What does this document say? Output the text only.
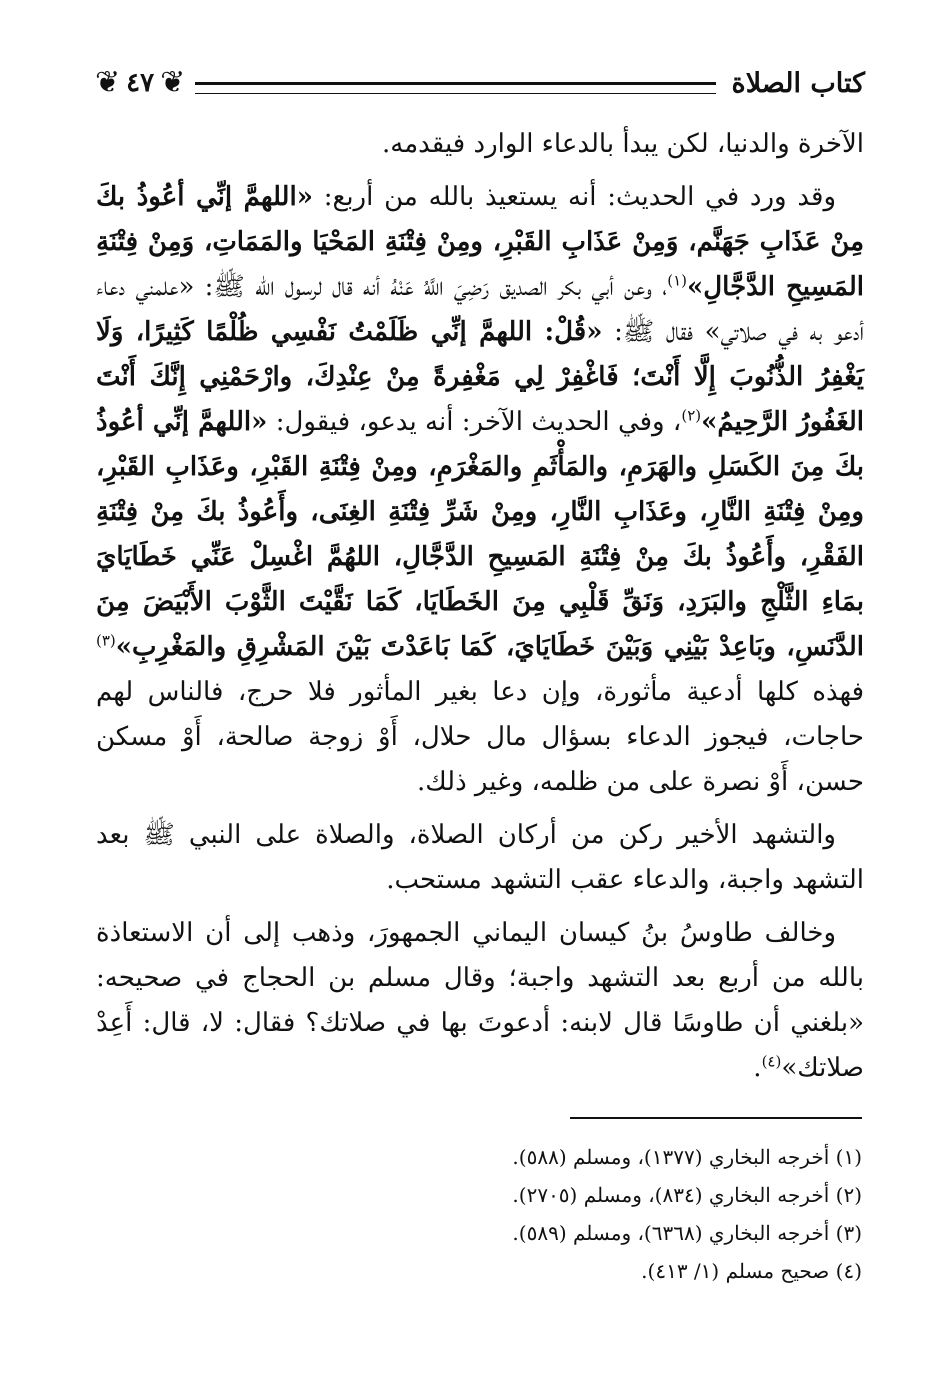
كتاب الصلاة
❦
٤٧
❦

الآخرة والدنيا، لكن يبدأ بالدعاء الوارد فيقدمه.

وقد ورد في الحديث: أنه يستعيذ بالله من أربع: «اللهمَّ إنِّي أعُوذُ بكَ مِنْ عَذَابِ جَهَنَّم، وَمِنْ عَذَابِ القَبْرِ، ومِنْ فِتْنَةِ المَحْيَا والمَمَاتِ، وَمِنْ فِتْنَةِ المَسِيحِ الدَّجَّالِ»$^{(١)}$، وعن أبي بكر الصديق رَضِيَ اللَّهُ عَنْهُ أنه قال لرسول الله ﷺ: «علمني دعاء أدعو به في صلاتي» فقال ﷺ: «قُلْ: اللهمَّ إنِّي ظَلَمْتُ نَفْسِي ظُلْمًا كَثِيرًا، وَلَا يَغْفِرُ الذُّنُوبَ إِلَّا أَنْتَ؛ فَاغْفِرْ لِي مَغْفِرةً مِنْ عِنْدِكَ، وارْحَمْنِي إِنَّكَ أَنْتَ الغَفُورُ الرَّحِيمُ»$^{(٢)}$، وفي الحديث الآخر: أنه يدعو، فيقول: «اللهمَّ إنِّي أعُوذُ بكَ مِنَ الكَسَلِ والهَرَمِ، والمَأْثَمِ والمَغْرَمِ، ومِنْ فِتْنَةِ القَبْرِ، وعَذَابِ القَبْرِ، ومِنْ فِتْنَةِ النَّارِ، وعَذَابِ النَّارِ، ومِنْ شَرِّ فِتْنَةِ الغِنَى، وأَعُوذُ بكَ مِنْ فِتْنَةِ الفَقْرِ، وأَعُوذُ بكَ مِنْ فِتْنَةِ المَسِيحِ الدَّجَّالِ، اللهُمَّ اغْسِلْ عَنِّي خَطَايَايَ بمَاءِ الثَّلْجِ والبَرَدِ، وَنَقِّ قَلْبِي مِنَ الخَطَايَا، كَمَا نَقَّيْتَ الثَّوْبَ الأَبْيَضَ مِنَ الدَّنَسِ، وبَاعِدْ بَيْنِي وَبَيْنَ خَطَايَايَ، كَمَا بَاعَدْتَ بَيْنَ المَشْرِقِ والمَغْرِبِ»$^{(٣)}$ فهذه كلها أدعية مأثورة، وإن دعا بغير المأثور فلا حرج، فالناس لهم حاجات، فيجوز الدعاء بسؤال مال حلال، أَوْ زوجة صالحة، أَوْ مسكن حسن، أَوْ نصرة على من ظلمه، وغير ذلك.

والتشهد الأخير ركن من أركان الصلاة، والصلاة على النبي ﷺ بعد التشهد واجبة، والدعاء عقب التشهد مستحب.

وخالف طاوسُ بنُ كيسان اليماني الجمهورَ، وذهب إلى أن الاستعاذة بالله من أربع بعد التشهد واجبة؛ وقال مسلم بن الحجاج في صحيحه: «بلغني أن طاوسًا قال لابنه: أدعوتَ بها في صلاتك؟ فقال: لا، قال: أَعِدْ صلاتك»$^{(٤)}$.

(١) أخرجه البخاري (١٣٧٧)، ومسلم (٥٨٨).
(٢) أخرجه البخاري (٨٣٤)، ومسلم (٢٧٠٥).
(٣) أخرجه البخاري (٦٣٦٨)، ومسلم (٥٨٩).
(٤) صحيح مسلم (١/ ٤١٣).
